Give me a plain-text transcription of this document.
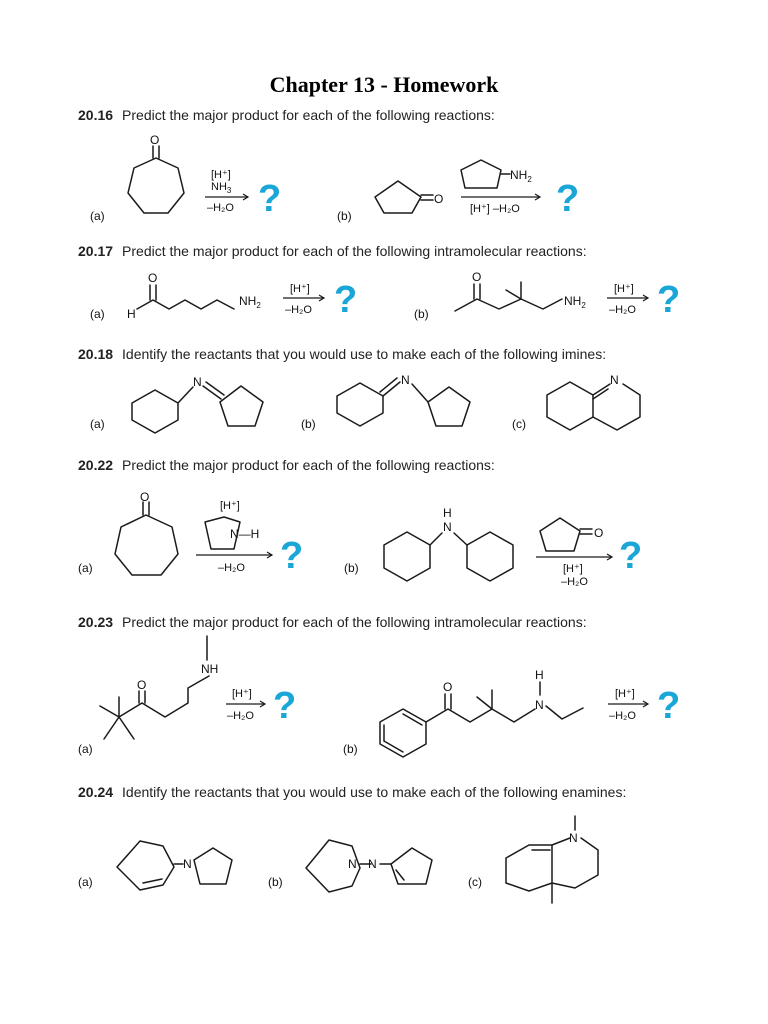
Chapter 13 - Homework
20.16 Predict the major product for each of the following reactions:
20.17 Predict the major product for each of the following intramolecular reactions:
20.18 Identify the reactants that you would use to make each of the following imines:
20.22 Predict the major product for each of the following reactions:
20.23 Predict the major product for each of the following intramolecular reactions:
20.24 Identify the reactants that you would use to make each of the following enamines:
O
[H⁺]
$NH_3$
–H₂O ?
(a)
O
$NH_2$
[H⁺] –H₂O ?
(b)
O
H
$NH_2$
[H⁺]
–H₂O ?
(a)
O
$NH_2$
[H⁺]
–H₂O ?
(b)
N
(a)
N
(b)
N
(c)
O
[H⁺]
N—H
–H₂O ?
(a)
H
N	O
[H⁺]
–H₂O
?
(b)
NH
O
[H⁺]
–H₂O ?
(a)
O
H
N
[H⁺]
–H₂O ?
(b)
N
(a)
N N
(b)
N
(c)
